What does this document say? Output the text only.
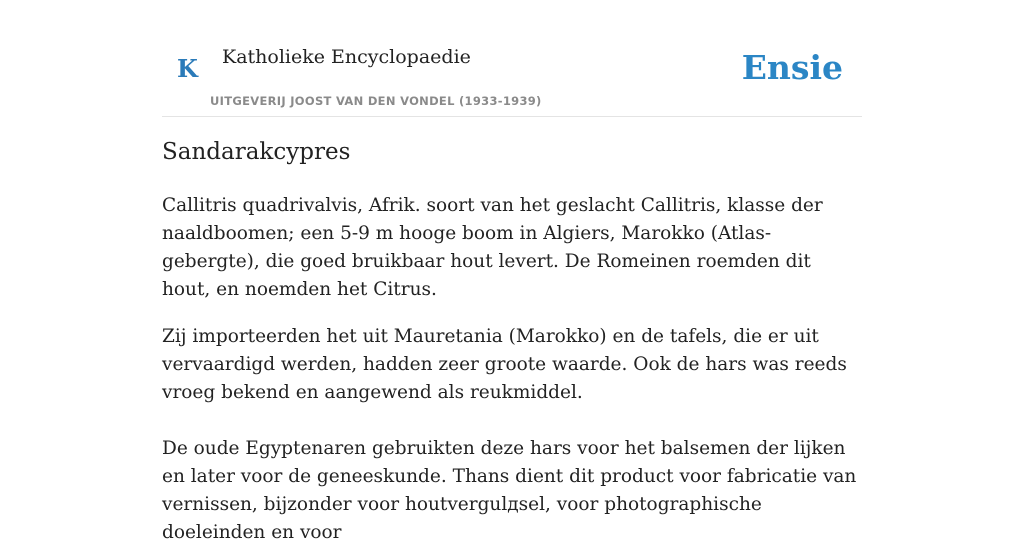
K Katholieke Encyclopaedie
UITGEVERIJ JOOST VAN DEN VONDEL (1933-1939)
Ensie
Sandarakcypres

Callitris quadrivalvis, Afrik. soort van het geslacht Callitris, klasse der naaldboomen; een 5-9 m hooge boom in Algiers, Marokko (Atlas-gebergte), die goed bruikbaar hout levert. De Romeinen roemden dit hout, en noemden het Citrus.

Zij importeerden het uit Mauretania (Marokko) en de tafels, die er uit vervaardigd werden, hadden zeer groote waarde. Ook de hars was reeds vroeg bekend en aangewend als reukmiddel.

De oude Egyptenaren gebruikten deze hars voor het balsemen der lijken en later voor de geneeskunde. Thans dient dit product voor fabricatie van vernissen, bijzonder voor houtvergulдsel, voor photographische doeleinden en voor
